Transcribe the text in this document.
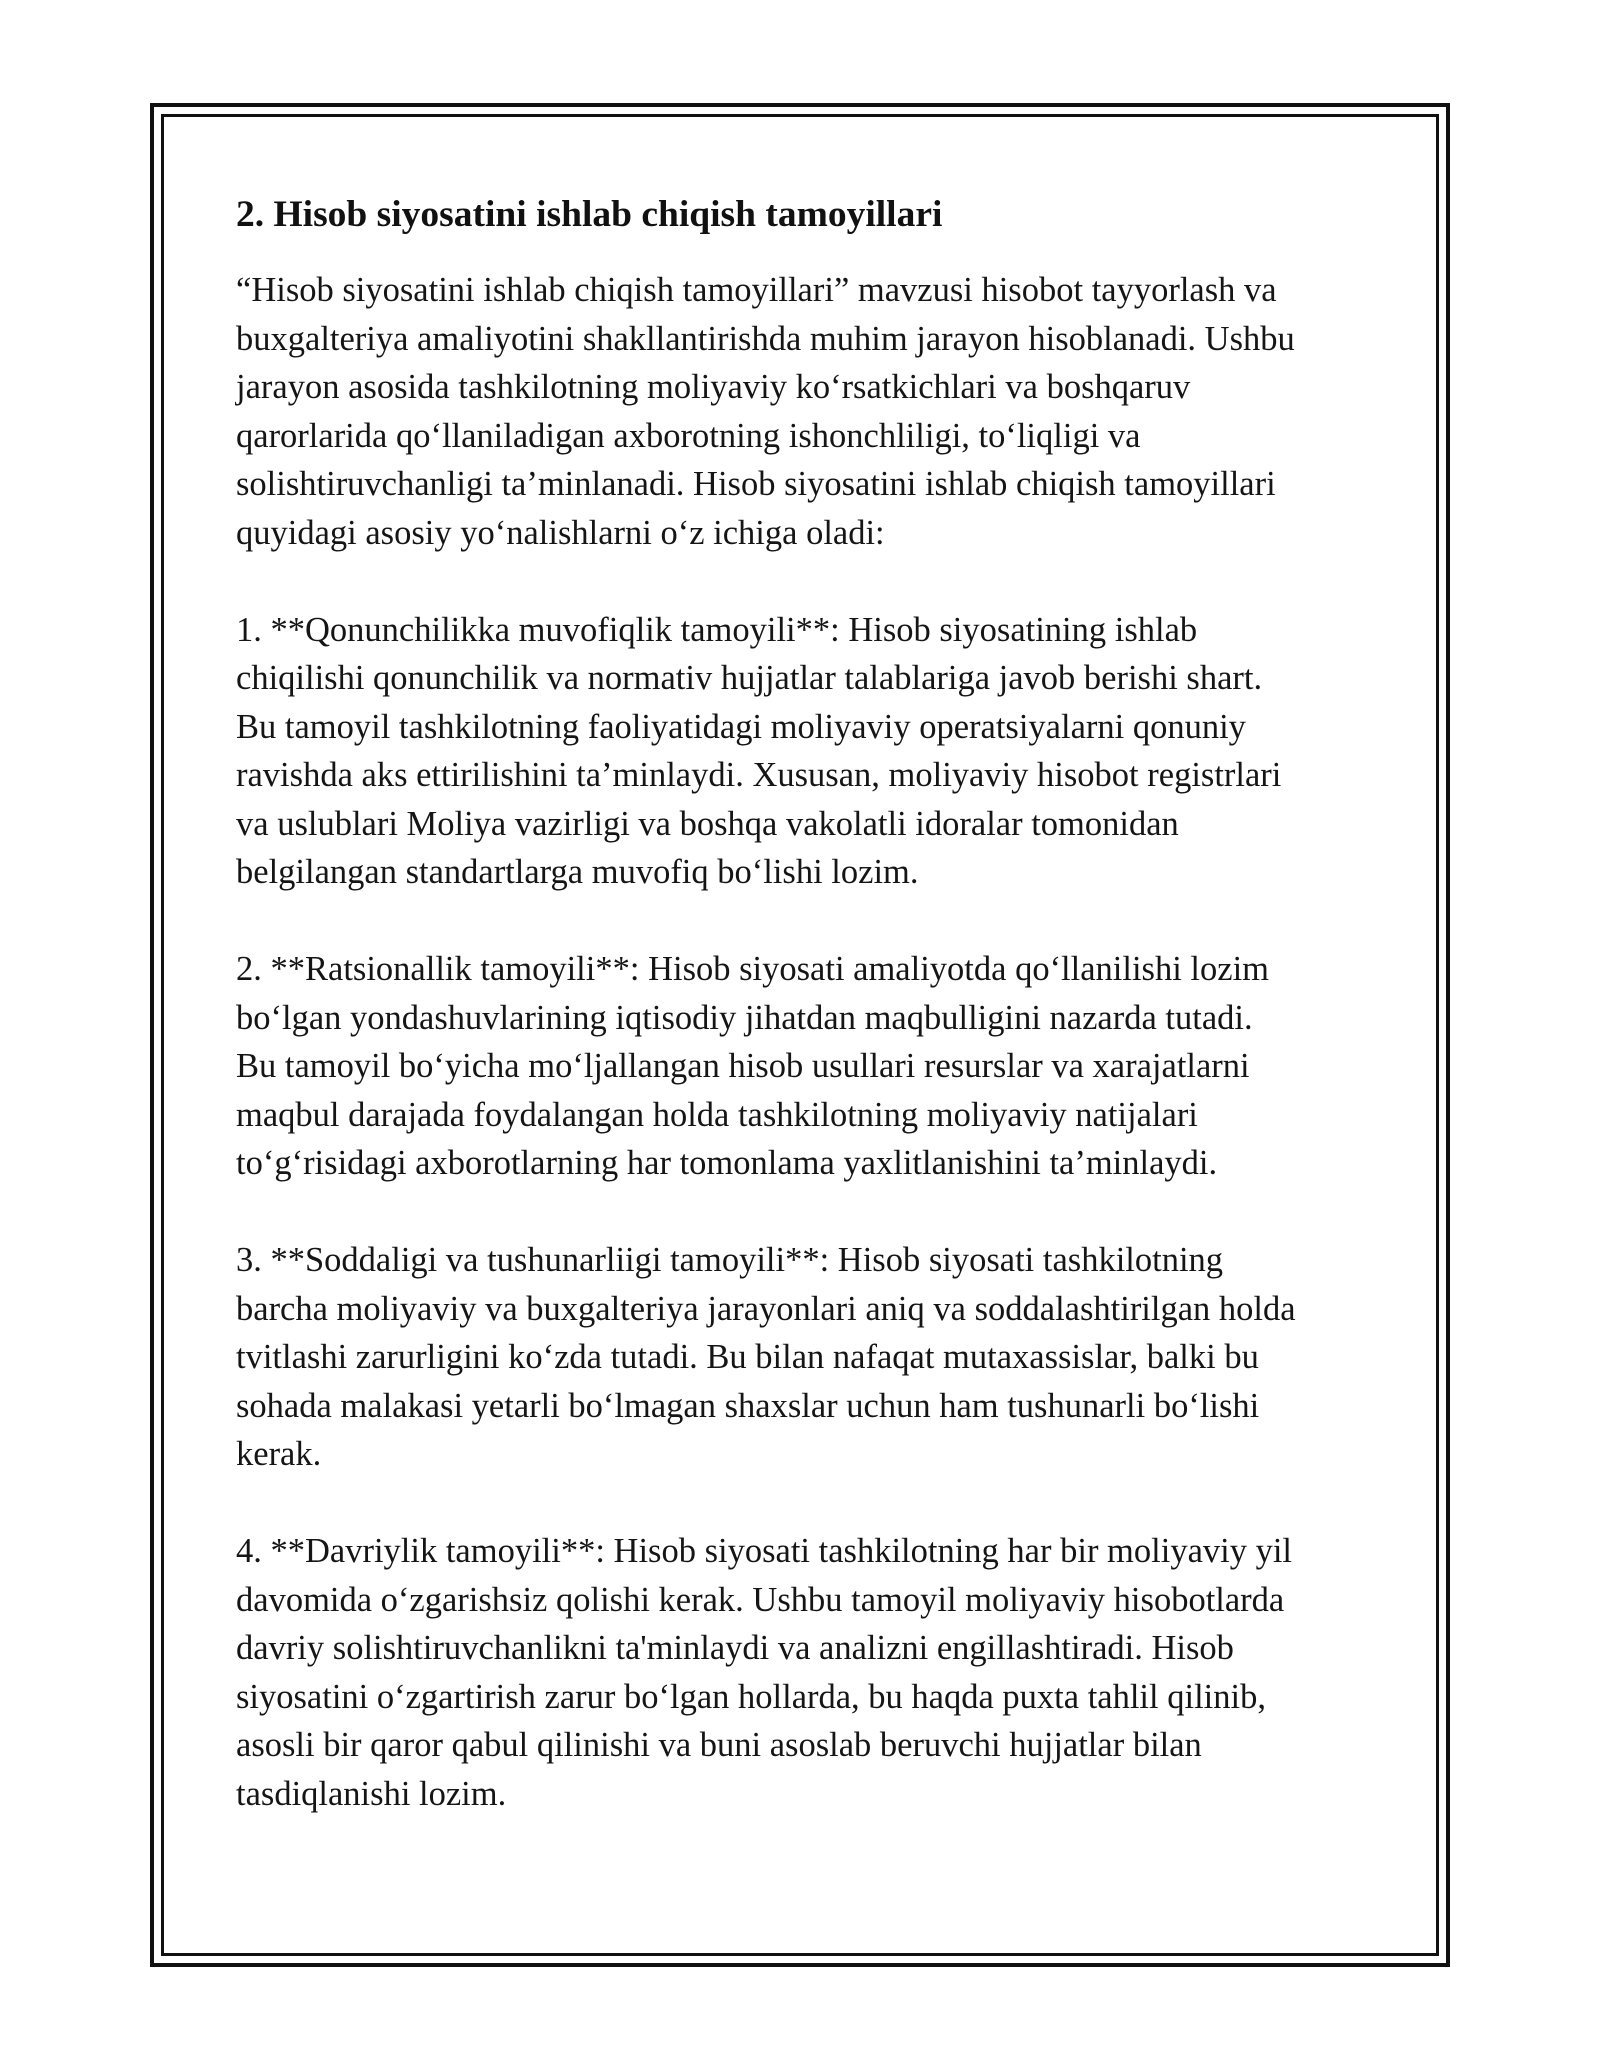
2. Hisob siyosatini ishlab chiqish tamoyillari

“Hisob siyosatini ishlab chiqish tamoyillari” mavzusi hisobot tayyorlash va
buxgalteriya amaliyotini shakllantirishda muhim jarayon hisoblanadi. Ushbu
jarayon asosida tashkilotning moliyaviy ko‘rsatkichlari va boshqaruv
qarorlarida qo‘llaniladigan axborotning ishonchliligi, to‘liqligi va
solishtiruvchanligi ta’minlanadi. Hisob siyosatini ishlab chiqish tamoyillari
quyidagi asosiy yo‘nalishlarni o‘z ichiga oladi:

1. **Qonunchilikka muvofiqlik tamoyili**: Hisob siyosatining ishlab
chiqilishi qonunchilik va normativ hujjatlar talablariga javob berishi shart.
Bu tamoyil tashkilotning faoliyatidagi moliyaviy operatsiyalarni qonuniy
ravishda aks ettirilishini ta’minlaydi. Xususan, moliyaviy hisobot registrlari
va uslublari Moliya vazirligi va boshqa vakolatli idoralar tomonidan
belgilangan standartlarga muvofiq bo‘lishi lozim.

2. **Ratsionallik tamoyili**: Hisob siyosati amaliyotda qo‘llanilishi lozim
bo‘lgan yondashuvlarining iqtisodiy jihatdan maqbulligini nazarda tutadi.
Bu tamoyil bo‘yicha mo‘ljallangan hisob usullari resurslar va xarajatlarni
maqbul darajada foydalangan holda tashkilotning moliyaviy natijalari
to‘g‘risidagi axborotlarning har tomonlama yaxlitlanishini ta’minlaydi.

3. **Soddaligi va tushunarliigi tamoyili**: Hisob siyosati tashkilotning
barcha moliyaviy va buxgalteriya jarayonlari aniq va soddalashtirilgan holda
tvitlashi zarurligini ko‘zda tutadi. Bu bilan nafaqat mutaxassislar, balki bu
sohada malakasi yetarli bo‘lmagan shaxslar uchun ham tushunarli bo‘lishi
kerak.

4. **Davriylik tamoyili**: Hisob siyosati tashkilotning har bir moliyaviy yil
davomida o‘zgarishsiz qolishi kerak. Ushbu tamoyil moliyaviy hisobotlarda
davriy solishtiruvchanlikni ta'minlaydi va analizni engillashtiradi. Hisob
siyosatini o‘zgartirish zarur bo‘lgan hollarda, bu haqda puxta tahlil qilinib,
asosli bir qaror qabul qilinishi va buni asoslab beruvchi hujjatlar bilan
tasdiqlanishi lozim.
